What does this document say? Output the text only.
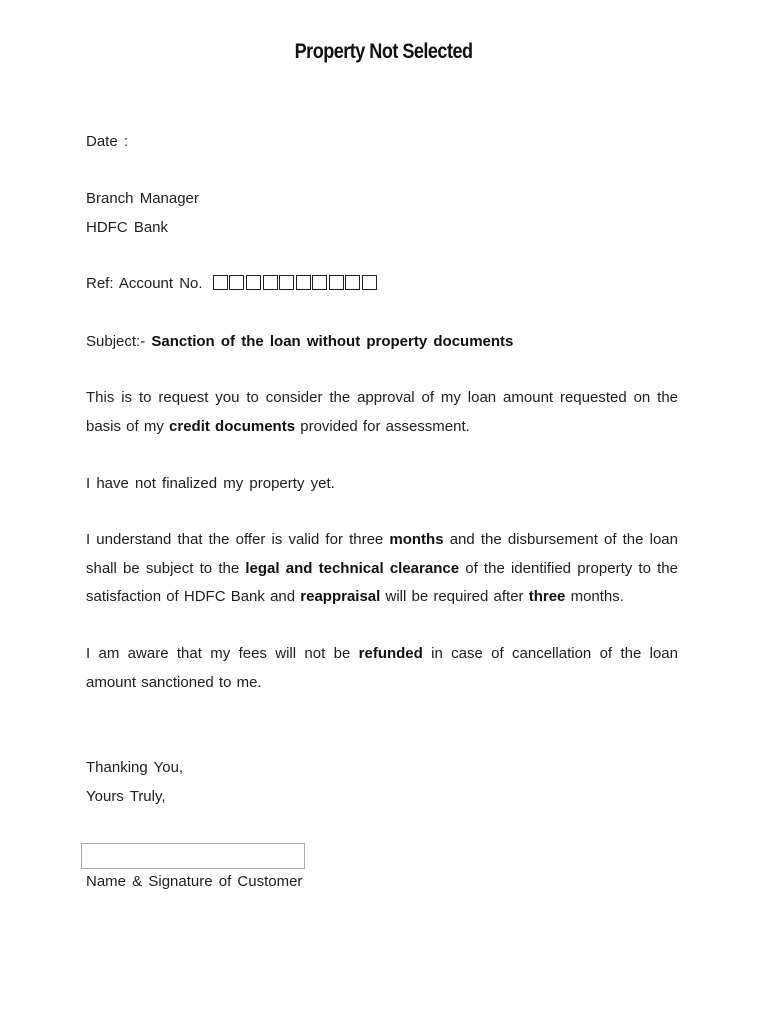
Property Not Selected
Date :
Branch Manager
HDFC Bank
Ref: Account No.
Subject:- Sanction of the loan without property documents
This is to request you to consider the approval of my loan amount requested on the basis of my credit documents provided for assessment.
I have not finalized my property yet.
I understand that the offer is valid for three months and the disbursement of the loan shall be subject to the legal and technical clearance of the identified property to the satisfaction of HDFC Bank and reappraisal will be required after three months.
I am aware that my fees will not be refunded in case of cancellation of the loan amount sanctioned to me.
Thanking You,
Yours Truly,
Name & Signature of Customer
